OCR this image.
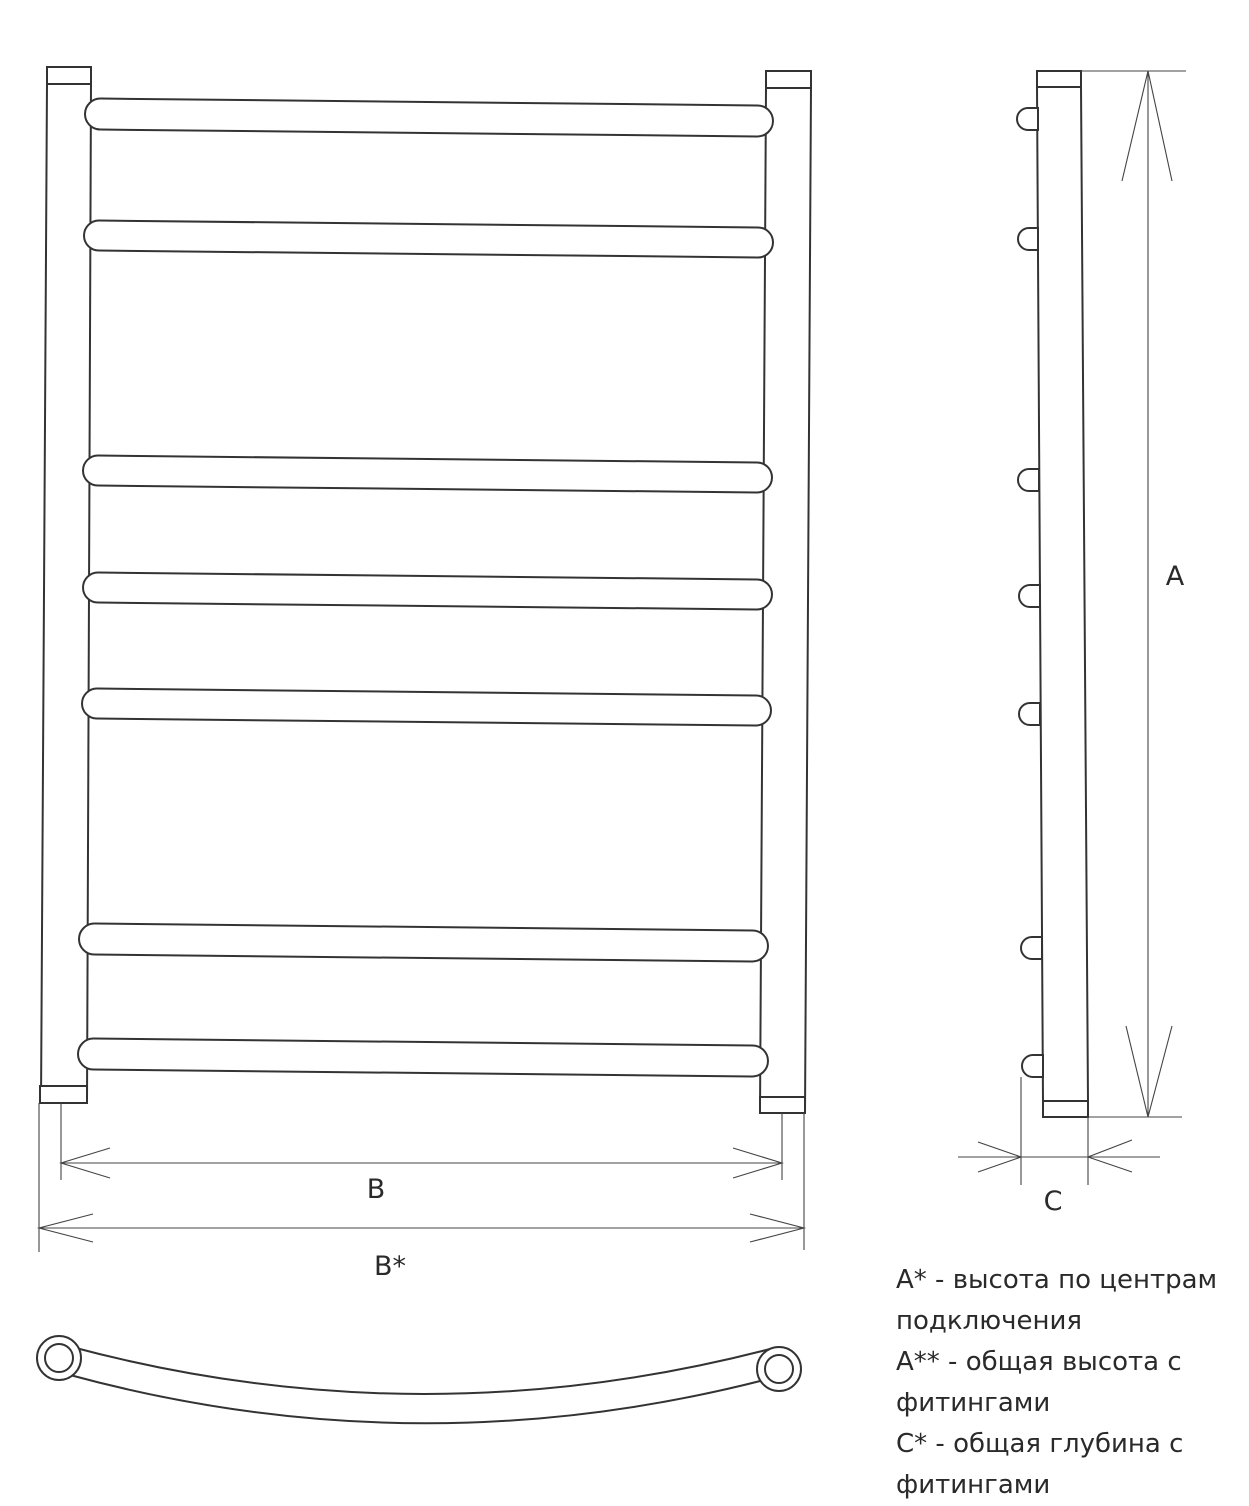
B
B*
A
C
А* - высота по центрам подключения
А** - общая высота с фитингами
С* - общая глубина с фитингами
